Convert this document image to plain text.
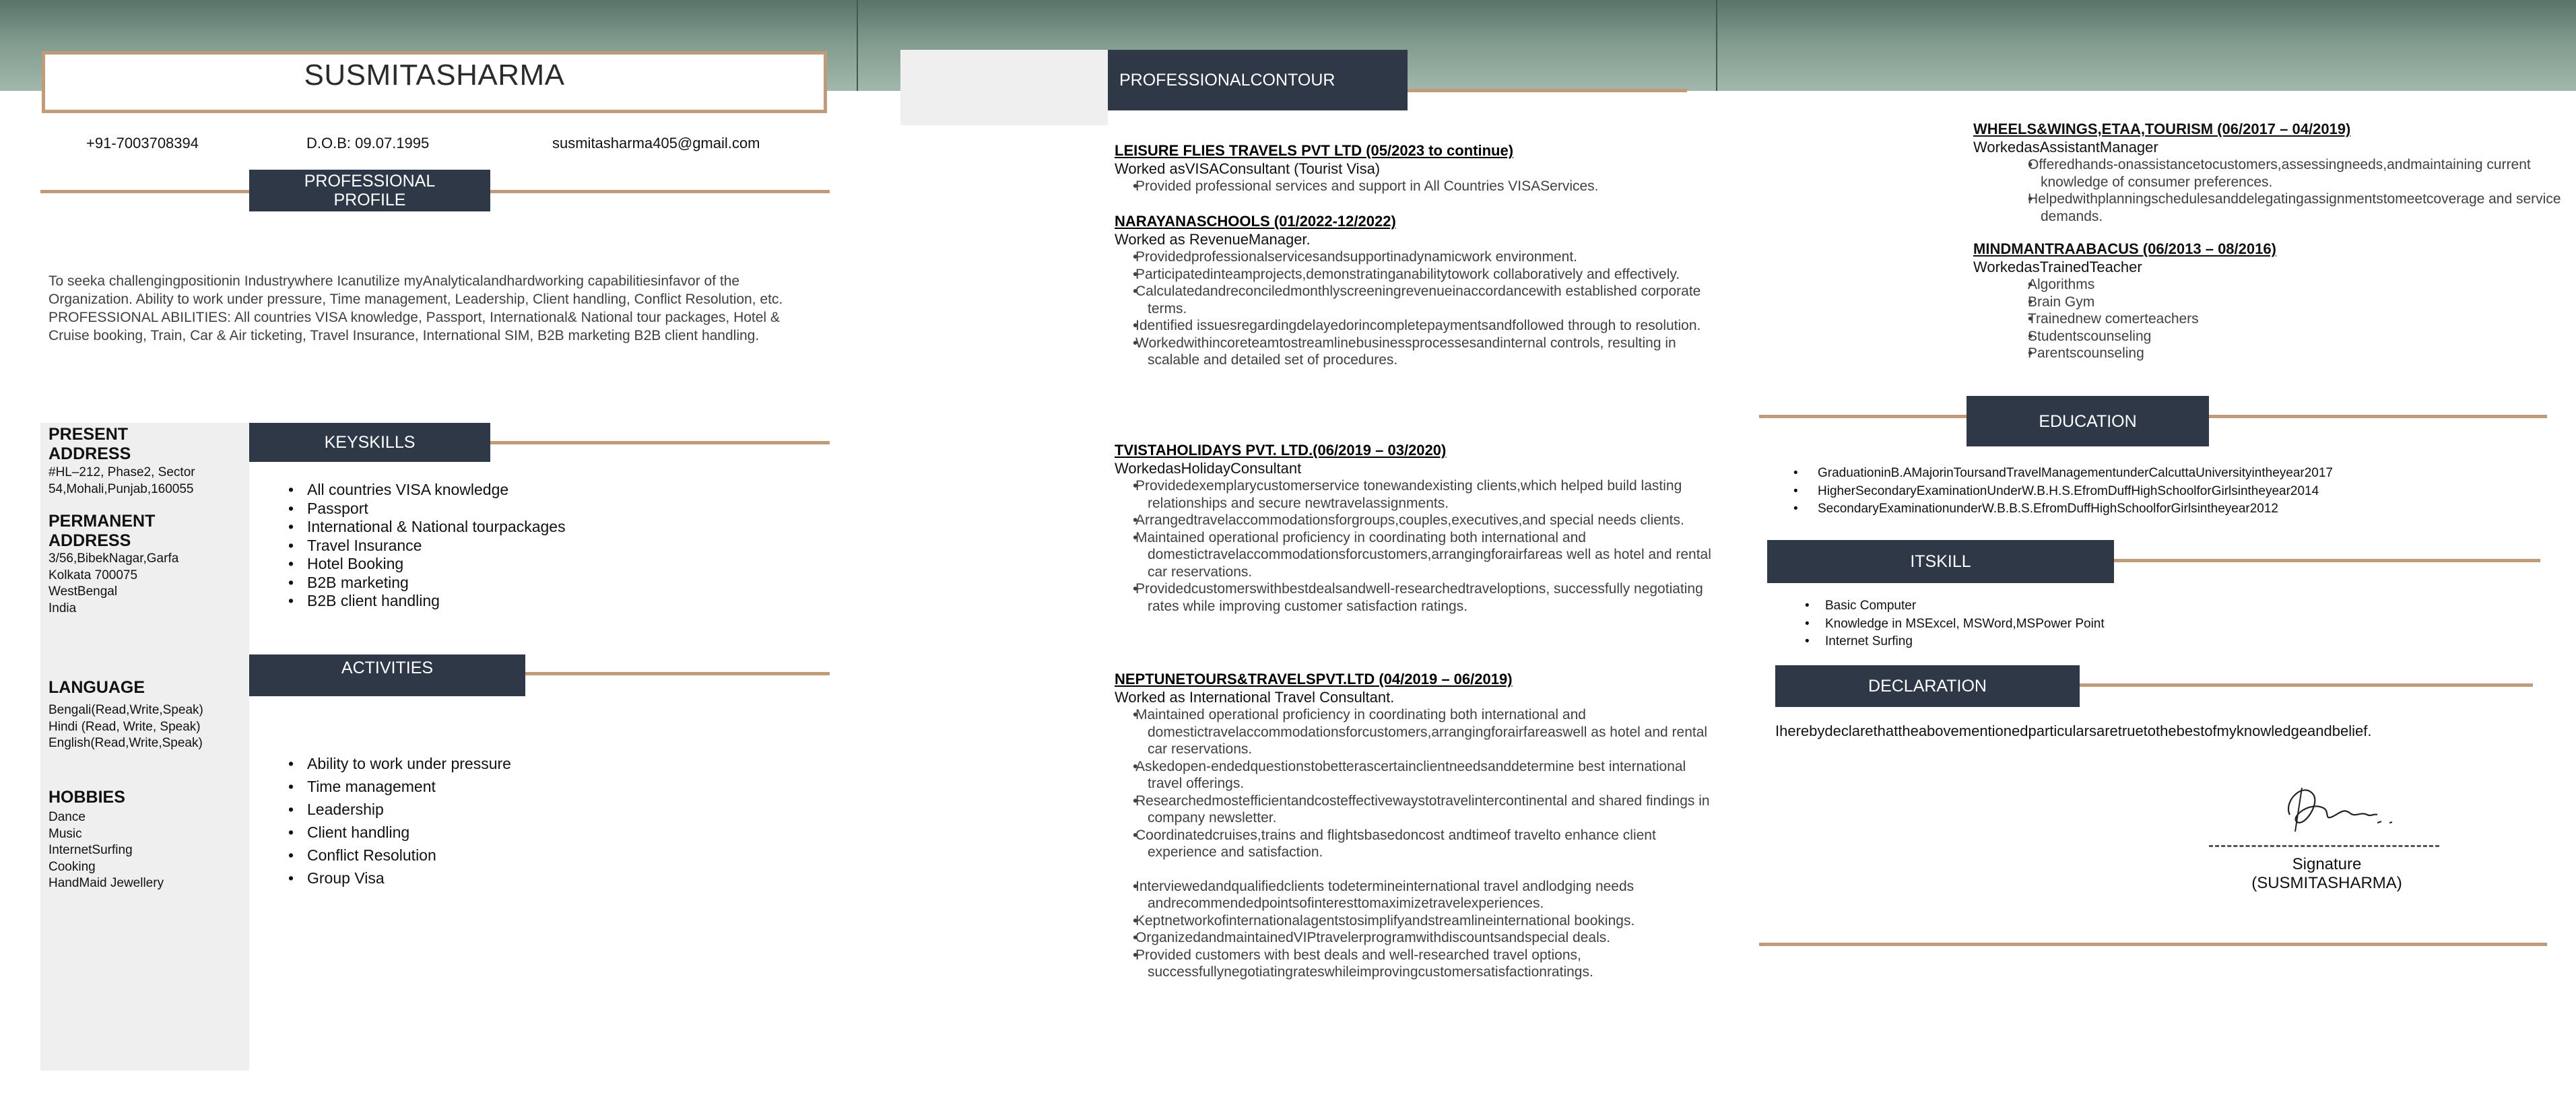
SUSMITASHARMA
+91-7003708394	D.O.B: 09.07.1995	susmitasharma405@gmail.com
PROFESSIONAL
PROFILE
To seeka challengingpositionin Industrywhere Icanutilize myAnalyticalandhardworking capabilitiesinfavor of the Organization. Ability to work under pressure, Time management, Leadership, Client handling, Conflict Resolution, etc. PROFESSIONAL ABILITIES: All countries VISA knowledge, Passport, International& National tour packages, Hotel & Cruise booking, Train, Car & Air ticketing, Travel Insurance, International SIM, B2B marketing B2B client handling.
KEYSKILLS
ACTIVITIES
PRESENT
ADDRESS
#HL–212, Phase2, Sector
54,Mohali,Punjab,160055
PERMANENT
ADDRESS
3/56,BibekNagar,Garfa
Kolkata 700075
WestBengal
India
LANGUAGE
Bengali(Read,Write,Speak)
Hindi (Read, Write, Speak)
English(Read,Write,Speak)
HOBBIES
Dance
Music
InternetSurfing
Cooking
HandMaid Jewellery
• All countries VISA knowledge
• Passport
• International & National tourpackages
• Travel Insurance
• Hotel Booking
• B2B marketing
• B2B client handling
• Ability to work under pressure
• Time management
• Leadership
• Client handling
• Conflict Resolution
• Group Visa
PROFESSIONALCONTOUR
LEISURE FLIES TRAVELS PVT LTD (05/2023 to continue)
Worked asVISAConsultant (Tourist Visa)
• Provided professional services and support in All Countries VISAServices.
NARAYANASCHOOLS (01/2022-12/2022)
Worked as RevenueManager.
• Providedprofessionalservicesandsupportinadynamicwork environment.
• Participatedinteamprojects,demonstratinganabilitytowork collaboratively and effectively.
• Calculatedandreconciledmonthlyscreeningrevenueinaccordancewith established corporate terms.
• Identified issuesregardingdelayedorincompletepaymentsandfollowed through to resolution.
• Workedwithincoreteamtostreamlinebusinessprocessesandinternal controls, resulting in scalable and detailed set of procedures.
TVISTAHOLIDAYS PVT. LTD.(06/2019 – 03/2020)
WorkedasHolidayConsultant
• Providedexemplarycustomerservice tonewandexisting clients,which helped build lasting relationships and secure newtravelassignments.
• Arrangedtravelaccommodationsforgroups,couples,executives,and special needs clients.
• Maintained operational proficiency in coordinating both international and domestictravelaccommodationsforcustomers,arrangingforairfareas well as hotel and rental car reservations.
• Providedcustomerswithbestdealsandwell-researchedtraveloptions, successfully negotiating rates while improving customer satisfaction ratings.
NEPTUNETOURS&TRAVELSPVT.LTD (04/2019 – 06/2019)
Worked as International Travel Consultant.
• Maintained operational proficiency in coordinating both international and domestictravelaccommodationsforcustomers,arrangingforairfareaswell as hotel and rental car reservations.
• Askedopen-endedquestionstobetterascertainclientneedsanddetermine best international travel offerings.
• Researchedmostefficientandcosteffectivewaystotravelintercontinental and shared findings in company newsletter.
• Coordinatedcruises,trains and flightsbasedoncost andtimeof travelto enhance client experience and satisfaction.
• Interviewedandqualifiedclients todetermineinternational travel andlodging needs andrecommendedpointsofinteresttomaximizetravelexperiences.
• Keptnetworkofinternationalagentstosimplifyandstreamlineinternational bookings.
• OrganizedandmaintainedVIPtravelerprogramwithdiscountsandspecial deals.
• Provided customers with best deals and well-researched travel options, successfullynegotiatingrateswhileimprovingcustomersatisfactionratings.
WHEELS&WINGS,ETAA,TOURISM (06/2017 – 04/2019)
WorkedasAssistantManager
• Offeredhands-onassistancetocustomers,assessingneeds,andmaintaining current knowledge of consumer preferences.
• Helpedwithplanningschedulesanddelegatingassignmentstomeetcoverage and service demands.
MINDMANTRAABACUS (06/2013 – 08/2016)
WorkedasTrainedTeacher
• Algorithms
• Brain Gym
• Trainednew comerteachers
• Studentscounseling
• Parentscounseling
EDUCATION
• GraduationinB.AMajorinToursandTravelManagementunderCalcuttaUniversityintheyear2017
• HigherSecondaryExaminationUnderW.B.H.S.EfromDuffHighSchoolforGirlsintheyear2014
• SecondaryExaminationunderW.B.B.S.EfromDuffHighSchoolforGirlsintheyear2012
ITSKILL
• Basic Computer
• Knowledge in MSExcel, MSWord,MSPower Point
• Internet Surfing
DECLARATION
Iherebydeclarethattheabovementionedparticularsaretruetothebestofmyknowledgeandbelief.
Signature
(SUSMITASHARMA)
